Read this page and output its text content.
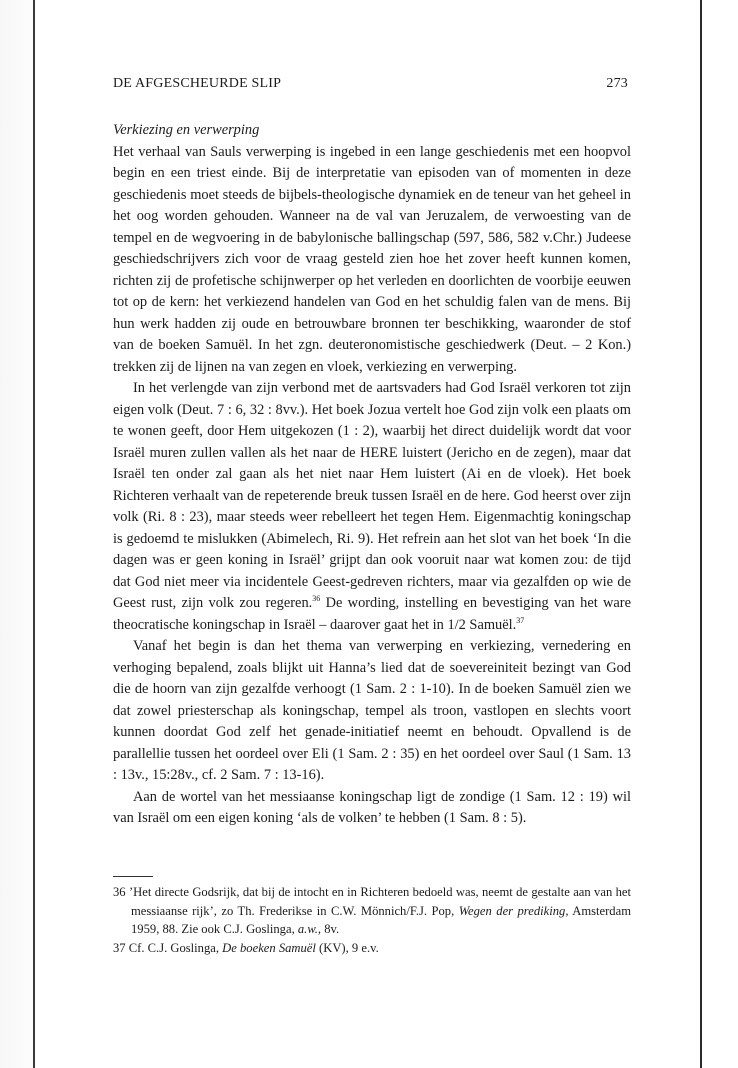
DE AFGESCHEURDE SLIP	273

Verkiezing en verwerping

Het verhaal van Sauls verwerping is ingebed in een lange geschiedenis met een hoopvol begin en een triest einde. Bij de interpretatie van episoden van of momenten in deze geschiedenis moet steeds de bijbels-theologische dynamiek en de teneur van het geheel in het oog worden gehouden. Wanneer na de val van Jeruzalem, de verwoesting van de tempel en de wegvoering in de babylonische ballingschap (597, 586, 582 v.Chr.) Judeese geschiedschrijvers zich voor de vraag gesteld zien hoe het zover heeft kunnen komen, richten zij de profetische schijnwerper op het verleden en doorlichten de voorbije eeuwen tot op de kern: het verkiezend handelen van God en het schuldig falen van de mens. Bij hun werk hadden zij oude en betrouwbare bronnen ter beschikking, waaronder de stof van de boeken Samuël. In het zgn. deuteronomistische geschiedwerk (Deut. – 2 Kon.) trekken zij de lijnen na van zegen en vloek, verkiezing en verwerping.

In het verlengde van zijn verbond met de aartsvaders had God Israël verkoren tot zijn eigen volk (Deut. 7 : 6, 32 : 8vv.). Het boek Jozua vertelt hoe God zijn volk een plaats om te wonen geeft, door Hem uitgekozen (1 : 2), waarbij het direct duidelijk wordt dat voor Israël muren zullen vallen als het naar de HERE luistert (Jericho en de zegen), maar dat Israël ten onder zal gaan als het niet naar Hem luistert (Ai en de vloek). Het boek Richteren verhaalt van de repeterende breuk tussen Israël en de here. God heerst over zijn volk (Ri. 8 : 23), maar steeds weer rebelleert het tegen Hem. Eigenmachtig koningschap is gedoemd te mislukken (Abimelech, Ri. 9). Het refrein aan het slot van het boek ‘In die dagen was er geen koning in Israël’ grijpt dan ook vooruit naar wat komen zou: de tijd dat God niet meer via incidentele Geest-gedreven richters, maar via gezalfden op wie de Geest rust, zijn volk zou regeren.$^{36}$ De wording, instelling en bevestiging van het ware theocratische koningschap in Israël – daarover gaat het in 1/2 Samuël.$^{37}$

Vanaf het begin is dan het thema van verwerping en verkiezing, vernedering en verhoging bepalend, zoals blijkt uit Hanna’s lied dat de soevereiniteit bezingt van God die de hoorn van zijn gezalfde verhoogt (1 Sam. 2 : 1-10). In de boeken Samuël zien we dat zowel priesterschap als koningschap, tempel als troon, vastlopen en slechts voort kunnen doordat God zelf het genade-initiatief neemt en behoudt. Opvallend is de parallellie tussen het oordeel over Eli (1 Sam. 2 : 35) en het oordeel over Saul (1 Sam. 13 : 13v., 15:28v., cf. 2 Sam. 7 : 13-16).

Aan de wortel van het messiaanse koningschap ligt de zondige (1 Sam. 12 : 19) wil van Israël om een eigen koning ‘als de volken’ te hebben (1 Sam. 8 : 5).

36 ’Het directe Godsrijk, dat bij de intocht en in Richteren bedoeld was, neemt de gestalte aan van het messiaanse rijk’, zo Th. Frederikse in C.W. Mönnich/F.J. Pop, Wegen der prediking, Amsterdam 1959, 88. Zie ook C.J. Goslinga, a.w., 8v.

37 Cf. C.J. Goslinga, De boeken Samuël (KV), 9 e.v.
